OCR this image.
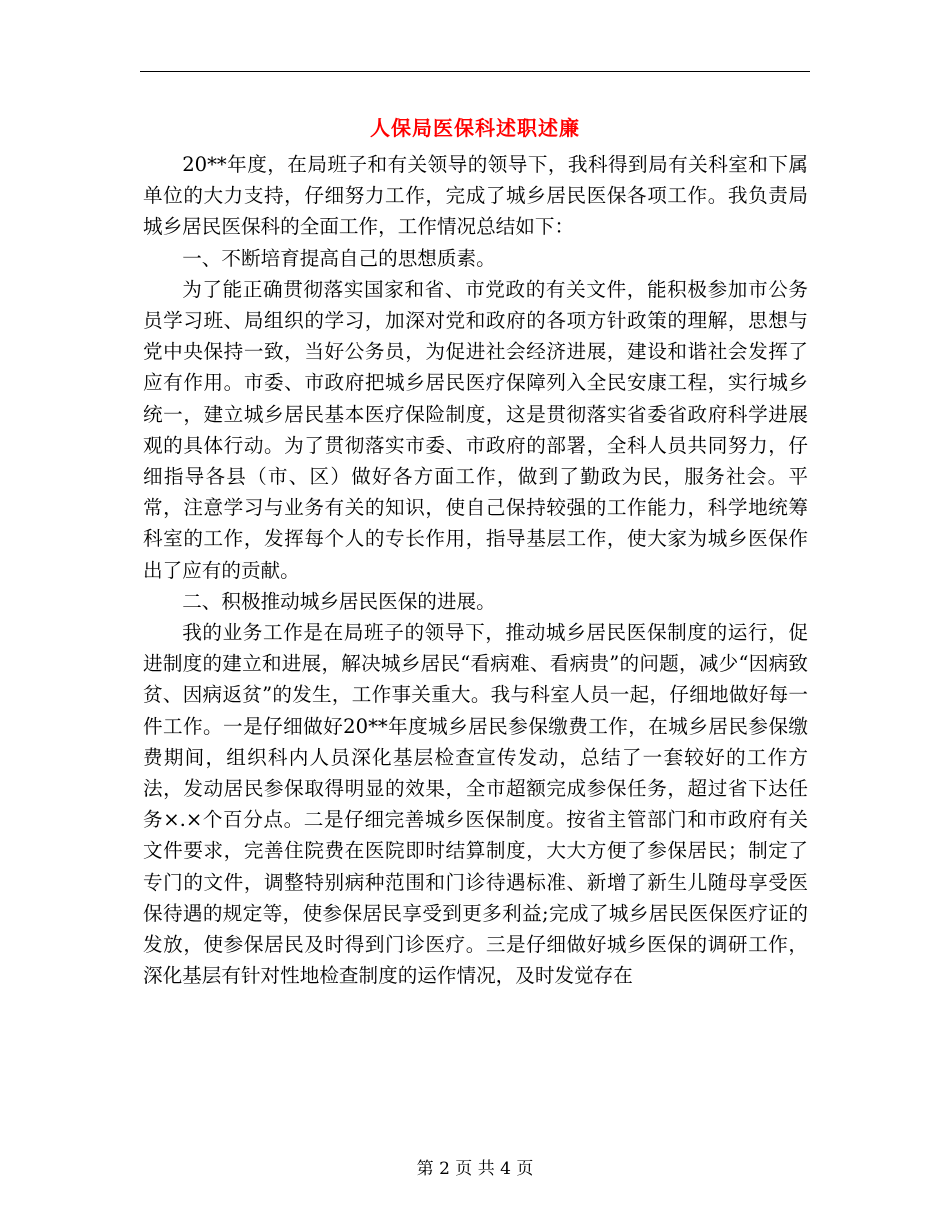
人保局医保科述职述廉

20**年度，在局班子和有关领导的领导下，我科得到局有关科室和下属单位的大力支持，仔细努力工作，完成了城乡居民医保各项工作。我负责局城乡居民医保科的全面工作，工作情况总结如下：

一、不断培育提高自己的思想质素。

为了能正确贯彻落实国家和省、市党政的有关文件，能积极参加市公务员学习班、局组织的学习，加深对党和政府的各项方针政策的理解，思想与党中央保持一致，当好公务员，为促进社会经济进展，建设和谐社会发挥了应有作用。市委、市政府把城乡居民医疗保障列入全民安康工程，实行城乡统一，建立城乡居民基本医疗保险制度，这是贯彻落实省委省政府科学进展观的具体行动。为了贯彻落实市委、市政府的部署，全科人员共同努力，仔细指导各县（市、区）做好各方面工作，做到了勤政为民，服务社会。平常，注意学习与业务有关的知识，使自己保持较强的工作能力，科学地统筹科室的工作，发挥每个人的专长作用，指导基层工作，使大家为城乡医保作出了应有的贡献。

二、积极推动城乡居民医保的进展。

我的业务工作是在局班子的领导下，推动城乡居民医保制度的运行，促进制度的建立和进展，解决城乡居民“看病难、看病贵”的问题，减少“因病致贫、因病返贫”的发生，工作事关重大。我与科室人员一起，仔细地做好每一件工作。一是仔细做好20**年度城乡居民参保缴费工作，在城乡居民参保缴费期间，组织科内人员深化基层检查宣传发动，总结了一套较好的工作方法，发动居民参保取得明显的效果，全市超额完成参保任务，超过省下达任务×.×个百分点。二是仔细完善城乡医保制度。按省主管部门和市政府有关文件要求，完善住院费在医院即时结算制度，大大方便了参保居民；制定了专门的文件，调整特别病种范围和门诊待遇标准、新增了新生儿随母享受医保待遇的规定等，使参保居民享受到更多利益;完成了城乡居民医保医疗证的发放，使参保居民及时得到门诊医疗。三是仔细做好城乡医保的调研工作，深化基层有针对性地检查制度的运作情况，及时发觉存在

第 2 页 共 4 页
